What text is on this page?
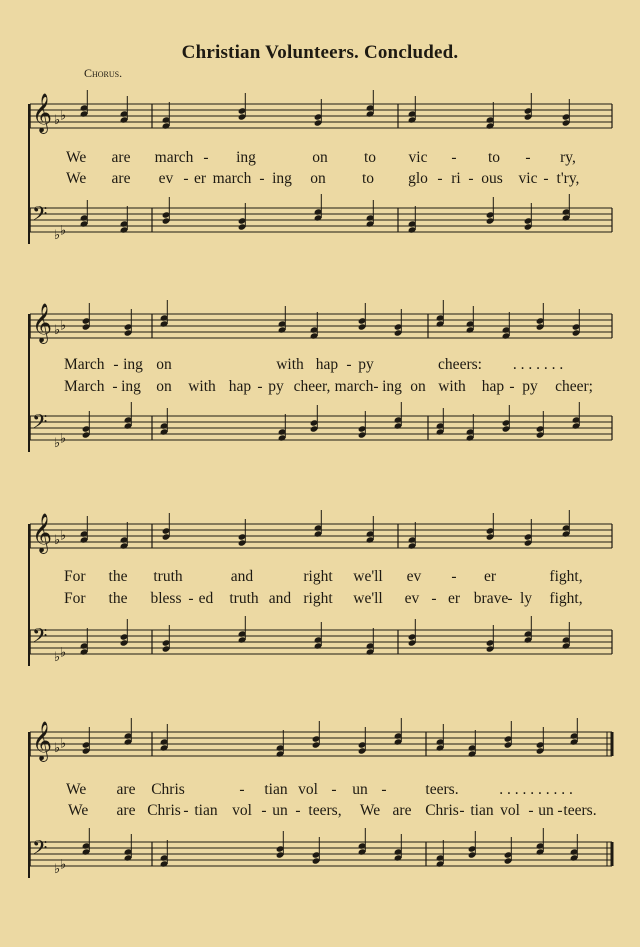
Christian Volunteers. Concluded.
Chorus.
𝄞 ♭ ♭
𝄢
♭ ♭
We are march - ing	on to vic - to - ry,
We are ev - er march - ing on to glo - ri - ous vic - t'ry,
𝄞 ♭ ♭
𝄢
♭ ♭
March - ing on	with hap - py	cheers: . . . . . . .
March - ing on with hap - py cheer, march - ing on with hap - py cheer;
𝄞 ♭ ♭
𝄢
♭ ♭
For the truth	and	right we'll ev - er	fight,
For the bless - ed truth and right we'll ev - er brave - ly fight,
𝄞 ♭ ♭
𝄢
♭ ♭
We are Chris	- tian vol - un -	teers.	. . . . . . . . . .
We are Chris - tian vol - un - teers, We are Chris - tian vol - un - teers.
